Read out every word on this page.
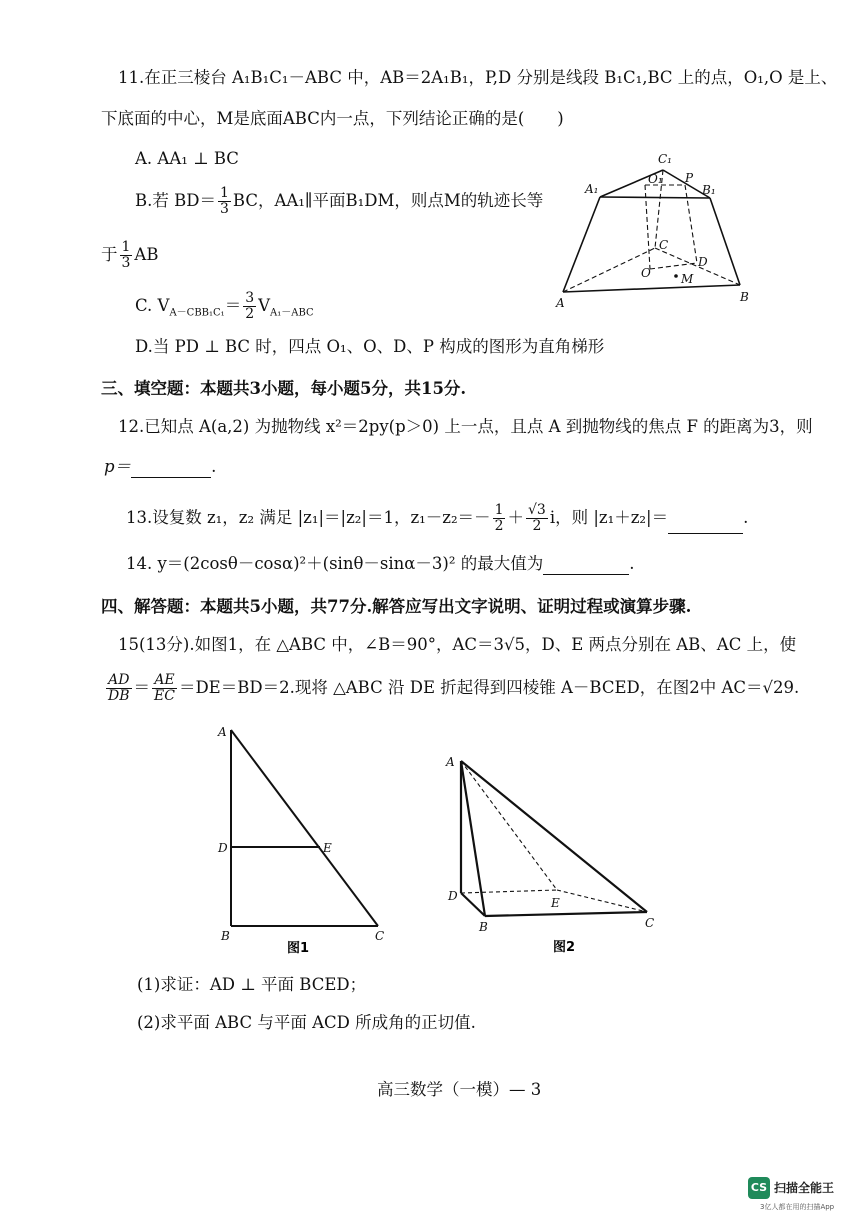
11.在正三棱台 A₁B₁C₁－ABC 中，AB＝2A₁B₁，P,D 分别是线段 B₁C₁,BC 上的点，O₁,O 是上、
下底面的中心，M是底面ABC内一点，下列结论正确的是(　　)
A. AA₁ ⊥ BC
B.若 $BD= \frac{1}{3}$ BC，AA₁∥平面B₁DM，则点M的轨迹长等
于 $\frac{1}{3}$ AB
C. $V_{A-CBB_1C_1}= \frac{3}{2} V_{A_1-ABC}$
D.当 PD ⊥ BC 时，四点 O₁、O、D、P 构成的图形为直角梯形
A	B
C
A₁	B₁
C₁
O
O₁ P
D
M
三、填空题：本题共3小题，每小题5分，共15分.
12.已知点 A(a,2) 为抛物线 x²＝2py(p＞0) 上一点，且点 A 到抛物线的焦点 F 的距离为3，则
p＝	.
13.设复数 z₁，z₂ 满足 |z₁|＝|z₂|＝1，$z_1-z_2=- \frac{1}{2} + \frac{√3}{2}$ i，则 |z₁＋z₂|＝	.
14. y＝(2cosθ－cosα)²＋(sinθ－sinα－3)² 的最大值为	.
四、解答题：本题共5小题，共77分.解答应写出文字说明、证明过程或演算步骤.
15(13分).如图1，在 △ABC 中，∠B＝90°，AC＝3√5，D、E 两点分别在 AB、AC 上，使
$\frac{AD}{DB} = \frac{AE}{EC} =DE=BD=2$.现将 △ABC 沿 DE 折起得到四棱锥 A－BCED，在图2中 AC＝√29.
A
D	E
B	C
图1
A
D	E
B	C
图2
(1)求证：AD ⊥ 平面 BCED；
(2)求平面 ABC 与平面 ACD 所成角的正切值.
高三数学（一模）— 3
CS 扫描全能王
3亿人都在用的扫描App
